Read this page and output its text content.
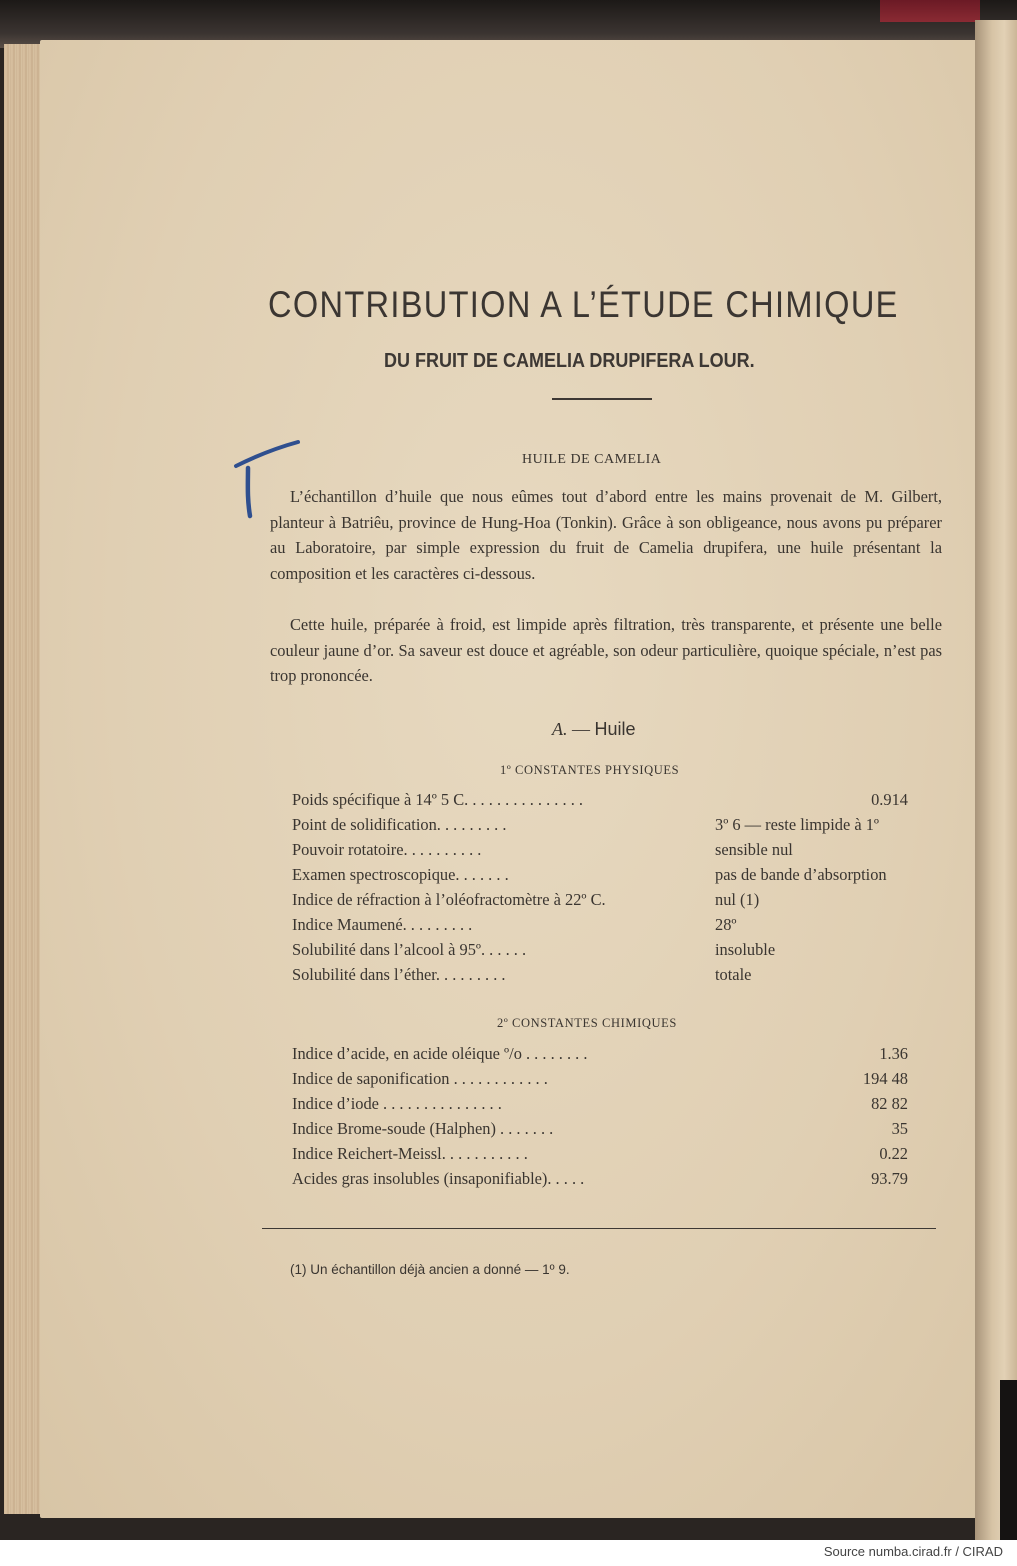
CONTRIBUTION A L’ÉTUDE CHIMIQUE
DU FRUIT DE CAMELIA DRUPIFERA LOUR.
HUILE DE CAMELIA
L’échantillon d’huile que nous eûmes tout d’abord entre les mains provenait de M. Gilbert, planteur à Batriêu, province de Hung-Hoa (Tonkin). Grâce à son obligeance, nous avons pu préparer au Laboratoire, par simple expression du fruit de Camelia drupifera, une huile présentant la composition et les caractères ci-dessous.
Cette huile, préparée à froid, est limpide après filtration, très transparente, et présente une belle couleur jaune d’or. Sa saveur est douce et agréable, son odeur particulière, quoique spéciale, n’est pas trop prononcée.
A. — Huile
1º CONSTANTES PHYSIQUES
Poids spécifique à 14º 5 C. . . . . . . . . . . . . . .	0.914
Point de solidification. . . . . . . . .	3º 6 — reste limpide à 1º
Pouvoir rotatoire. . . . . . . . . .	sensible nul
Examen spectroscopique. . . . . . .	pas de bande d’absorption
Indice de réfraction à l’oléofractomètre à 22º C.	nul (1)
Indice Maumené. . . . . . . . .	28º
Solubilité dans l’alcool à 95º. . . . . .	insoluble
Solubilité dans l’éther. . . . . . . . .	totale
2º CONSTANTES CHIMIQUES
Indice d’acide, en acide oléique º/o . . . . . . . .	1.36
Indice de saponification . . . . . . . . . . . .	194 48
Indice d’iode . . . . . . . . . . . . . . .	82 82
Indice Brome-soude (Halphen) . . . . . . .	35
Indice Reichert-Meissl. . . . . . . . . . .	0.22
Acides gras insolubles (insaponifiable). . . . .	93.79
(1) Un échantillon déjà ancien a donné — 1º 9.
Source numba.cirad.fr / CIRAD
